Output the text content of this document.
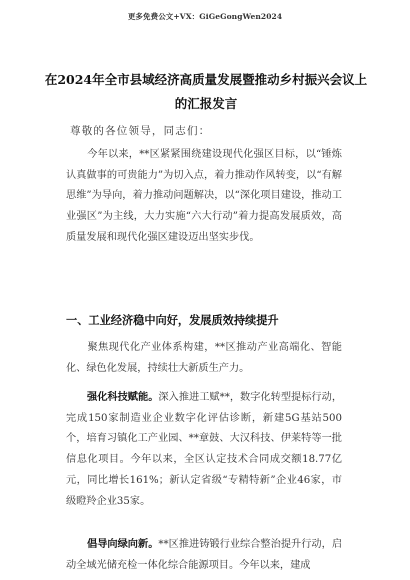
更多免费公文+VX：GiGeGongWen2024
在2024年全市县域经济高质量发展暨推动乡村振兴会议上
的汇报发言
尊敬的各位领导，同志们：
今年以来，**区紧紧围绕建设现代化强区目标，以“锤炼认真做事的可贵能力”为切入点，着力推动作风转变，以“有解思维”为导向，着力推动问题解决，以“深化项目建设，推动工业强区”为主线，大力实施“六大行动”着力提高发展质效，高质量发展和现代化强区建设迈出坚实步伐。
一、工业经济稳中向好，发展质效持续提升
聚焦现代化产业体系构建，**区推动产业高端化、智能化、绿色化发展，持续壮大新质生产力。
强化科技赋能。深入推进工赋**，数字化转型提标行动，完成150家制造业企业数字化评估诊断，新建5G基站500个，培育习镇化工产业园、**章鼓、大汉科技、伊莱特等一批信息化项目。今年以来，全区认定技术合同成交额18.77亿元，同比增长161%；新认定省级“专精特新”企业46家，市级瞪羚企业35家。
倡导向绿向新。**区推进铸锻行业综合整治提升行动，启动全域光储充检一体化综合能源项目。今年以来，建成
